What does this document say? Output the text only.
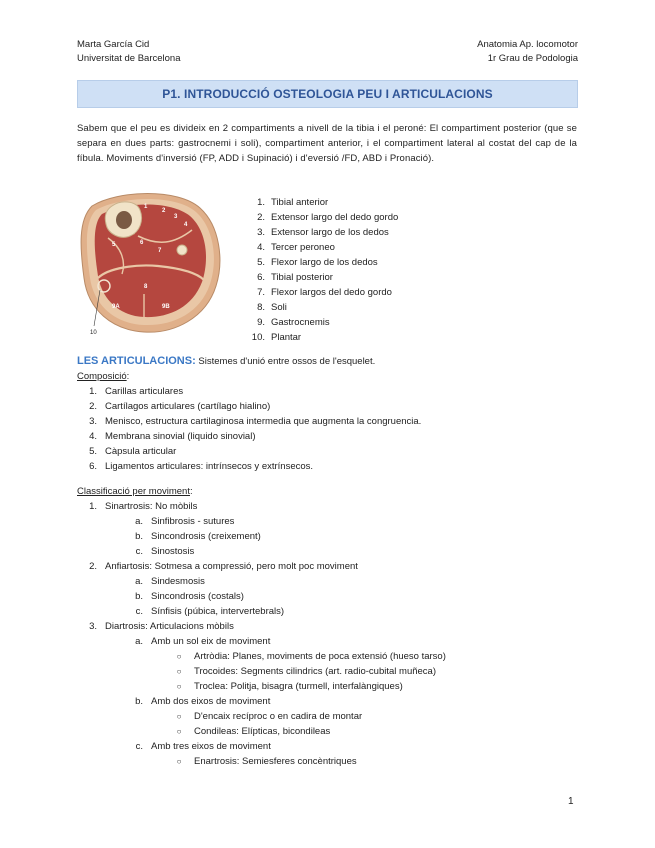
Marta García Cid
Universitat de Barcelona
Anatomia Ap. locomotor
1r Grau de Podologia
P1. INTRODUCCIÓ OSTEOLOGIA PEU I ARTICULACIONS
Sabem que el peu es divideix en 2 compartiments a nivell de la tibia i el peroné: El compartiment posterior (que se separa en dues parts: gastrocnemi i soli), compartiment anterior, i el compartiment lateral al costat del cap de la fíbula. Moviments d'inversió (FP, ADD i Supinació) i d'eversió /FD, ABD i Pronació).
1
2
3
4
5	6
7
8
9A	9B
10
1. Tibial anterior
2. Extensor largo del dedo gordo
3. Extensor largo de los dedos
4. Tercer peroneo
5. Flexor largo de los dedos
6. Tibial posterior
7. Flexor largos del dedo gordo
8. Soli
9. Gastrocnemis
10. Plantar
LES ARTICULACIONS: Sistemes d'unió entre ossos de l'esquelet.
Composició:
1. Carillas articulares
2. Cartílagos articulares (cartílago hialino)
3. Menisco, estructura cartilaginosa intermedia que augmenta la congruencia.
4. Membrana sinovial (liquido sinovial)
5. Càpsula articular
6. Ligamentos articulares: intrínsecos y extrínsecos.
Classificació per moviment:
1. Sinartrosis: No mòbils
a. Sinfibrosis - sutures
b. Sincondrosis (creixement)
c. Sinostosis
2. Anfiartosis: Sotmesa a compressió, pero molt poc moviment
a. Sindesmosis
b. Sincondrosis (costals)
c. Sínfisis (púbica, intervertebrals)
3. Diartrosis: Articulacions mòbils
a. Amb un sol eix de moviment
○	Artròdia: Planes, moviments de poca extensió (hueso tarso)
○	Trocoides: Segments cilindrics (art. radio-cubital muñeca)
○	Troclea: Politja, bisagra (turmell, interfalàngiques)
b. Amb dos eixos de moviment
○	D'encaix recíproc o en cadira de montar
○	Condileas: Elípticas, bicondileas
c. Amb tres eixos de moviment
○	Enartrosis: Semiesferes concèntriques
1
